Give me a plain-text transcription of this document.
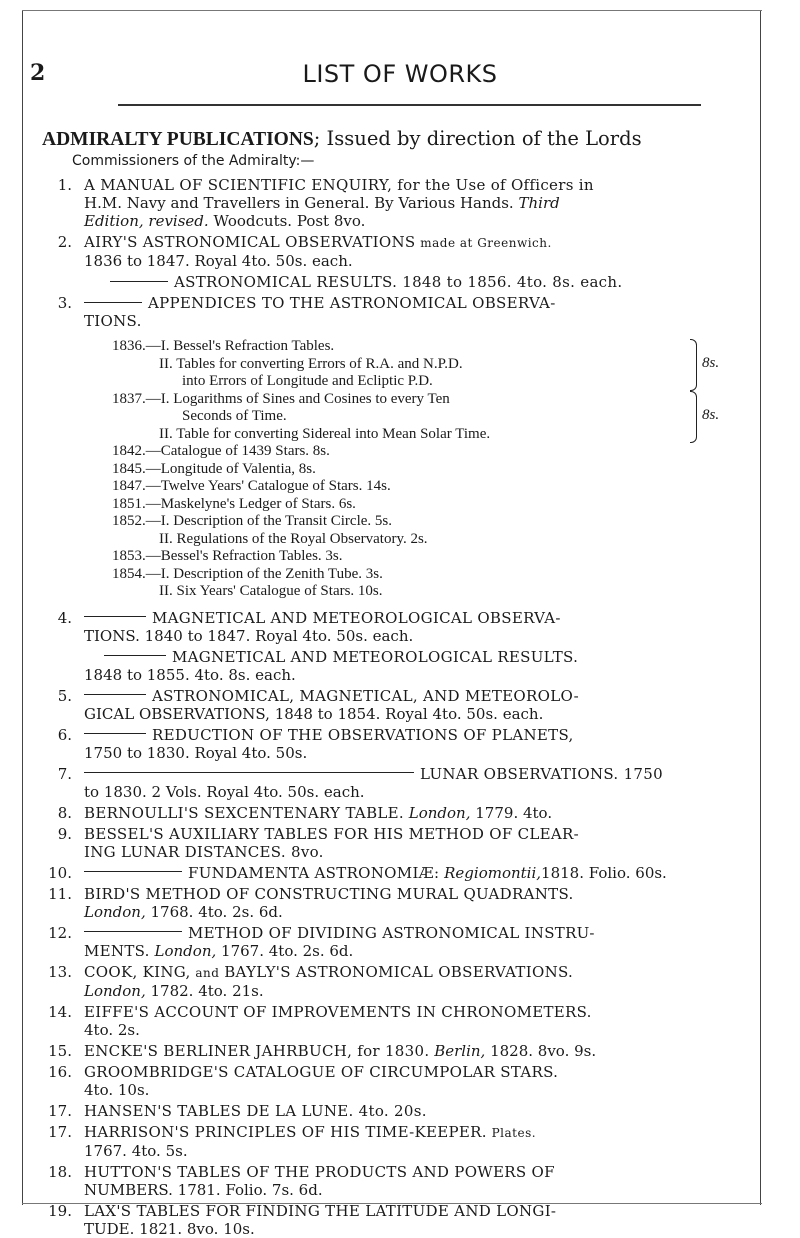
2	LIST OF WORKS
ADMIRALTY PUBLICATIONS; Issued by direction of the Lords
Commissioners of the Admiralty:—
1. A MANUAL OF SCIENTIFIC ENQUIRY, for the Use of Officers in
H.M. Navy and Travellers in General. By Various Hands. Third
Edition, revised. Woodcuts. Post 8vo.
2. AIRY'S ASTRONOMICAL OBSERVATIONS made at Greenwich.
1836 to 1847. Royal 4to. 50s. each.
ASTRONOMICAL RESULTS. 1848 to 1856. 4to. 8s. each.
3.	APPENDICES TO THE ASTRONOMICAL OBSERVA-
TIONS.
1836.—I. Bessel's Refraction Tables.
II. Tables for converting Errors of R.A. and N.P.D.
into Errors of Longitude and Ecliptic P.D.
8s.
1837.—I. Logarithms of Sines and Cosines to every Ten
Seconds of Time.
II. Table for converting Sidereal into Mean Solar Time.
8s.
1842.—Catalogue of 1439 Stars. 8s.
1845.—Longitude of Valentia, 8s.
1847.—Twelve Years' Catalogue of Stars. 14s.
1851.—Maskelyne's Ledger of Stars. 6s.
1852.—I. Description of the Transit Circle. 5s.
II. Regulations of the Royal Observatory. 2s.
1853.—Bessel's Refraction Tables. 3s.
1854.—I. Description of the Zenith Tube. 3s.
II. Six Years' Catalogue of Stars. 10s.
4.	MAGNETICAL AND METEOROLOGICAL OBSERVA-
TIONS. 1840 to 1847. Royal 4to. 50s. each.
MAGNETICAL AND METEOROLOGICAL RESULTS.
1848 to 1855. 4to. 8s. each.
5.	ASTRONOMICAL, MAGNETICAL, AND METEOROLO-
GICAL OBSERVATIONS, 1848 to 1854. Royal 4to. 50s. each.
6.	REDUCTION OF THE OBSERVATIONS OF PLANETS,
1750 to 1830. Royal 4to. 50s.
7.	LUNAR OBSERVATIONS. 1750
to 1830. 2 Vols. Royal 4to. 50s. each.
8. BERNOULLI'S SEXCENTENARY TABLE. London, 1779. 4to.
9. BESSEL'S AUXILIARY TABLES FOR HIS METHOD OF CLEAR-
ING LUNAR DISTANCES. 8vo.
10.	FUNDAMENTA ASTRONOMIÆ: Regiomontii,1818. Folio. 60s.
11. BIRD'S METHOD OF CONSTRUCTING MURAL QUADRANTS.
London, 1768. 4to. 2s. 6d.
12.	METHOD OF DIVIDING ASTRONOMICAL INSTRU-
MENTS. London, 1767. 4to. 2s. 6d.
13. COOK, KING, and BAYLY'S ASTRONOMICAL OBSERVATIONS.
London, 1782. 4to. 21s.
14. EIFFE'S ACCOUNT OF IMPROVEMENTS IN CHRONOMETERS.
4to. 2s.
15. ENCKE'S BERLINER JAHRBUCH, for 1830. Berlin, 1828. 8vo. 9s.
16. GROOMBRIDGE'S CATALOGUE OF CIRCUMPOLAR STARS.
4to. 10s.
17. HANSEN'S TABLES DE LA LUNE. 4to. 20s.
17. HARRISON'S PRINCIPLES OF HIS TIME-KEEPER. Plates.
1767. 4to. 5s.
18. HUTTON'S TABLES OF THE PRODUCTS AND POWERS OF
NUMBERS. 1781. Folio. 7s. 6d.
19. LAX'S TABLES FOR FINDING THE LATITUDE AND LONGI-
TUDE. 1821. 8vo. 10s.
